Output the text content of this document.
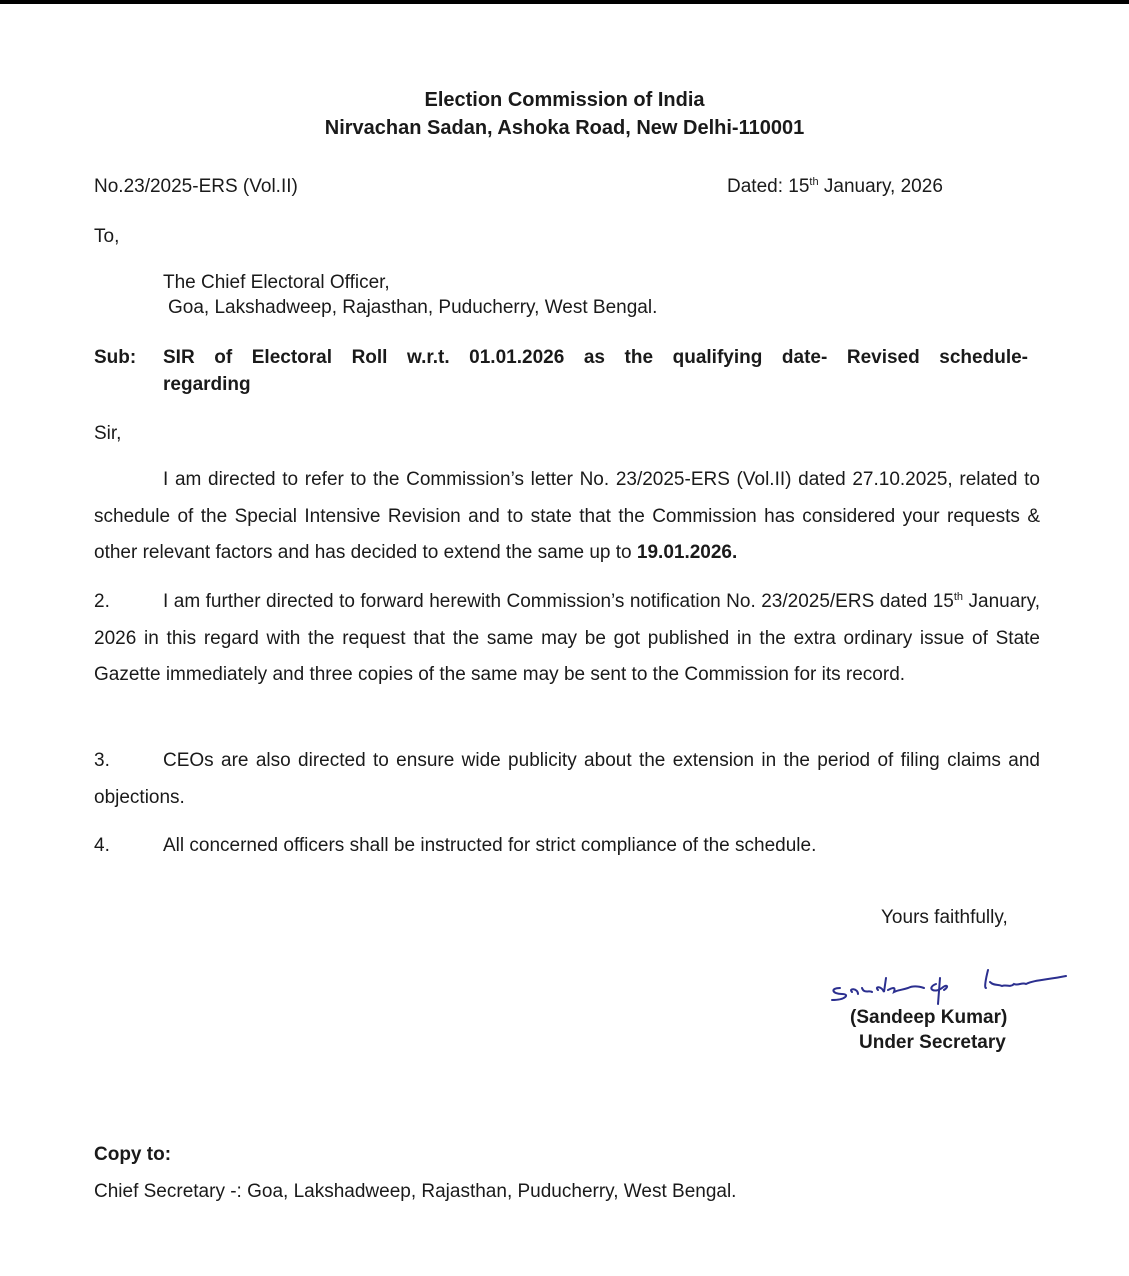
Election Commission of India
Nirvachan Sadan, Ashoka Road, New Delhi-110001
No.23/2025-ERS (Vol.II)	Dated: 15th January, 2026
To,
The Chief Electoral Officer,
Goa, Lakshadweep, Rajasthan, Puducherry, West Bengal.
Sub: SIR of Electoral Roll w.r.t. 01.01.2026 as the qualifying date- Revised schedule-
regarding
Sir,
I am directed to refer to the Commission’s letter No. 23/2025-ERS (Vol.II) dated 27.10.2025, related to schedule of the Special Intensive Revision and to state that the Commission has considered your requests & other relevant factors and has decided to extend the same up to 19.01.2026.
2.	I am further directed to forward herewith Commission’s notification No. 23/2025/ERS dated 15th January, 2026 in this regard with the request that the same may be got published in the extra ordinary issue of State Gazette immediately and three copies of the same may be sent to the Commission for its record.
3.	CEOs are also directed to ensure wide publicity about the extension in the period of filing claims and objections.
4.	All concerned officers shall be instructed for strict compliance of the schedule.
Yours faithfully,
(Sandeep Kumar)
Under Secretary
Copy to:
Chief Secretary -: Goa, Lakshadweep, Rajasthan, Puducherry, West Bengal.
